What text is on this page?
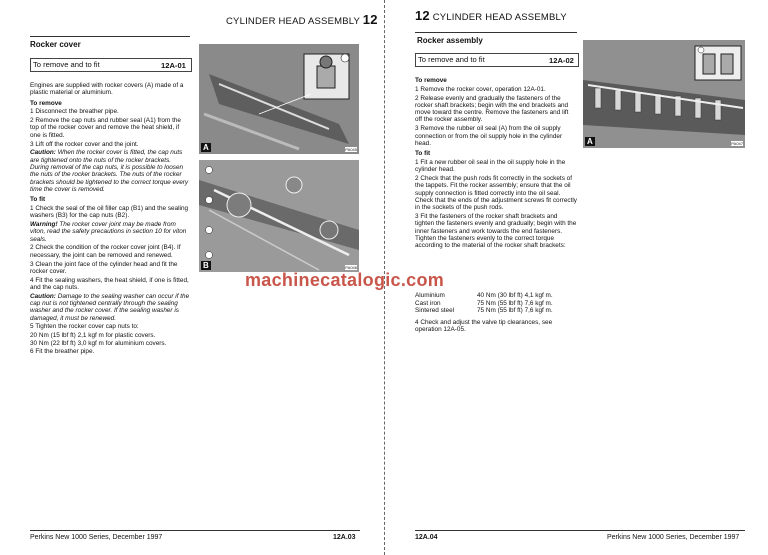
CYLINDER HEAD ASSEMBLY 12
Rocker cover
To remove and to fit	12A-01

Engines are supplied with rocker covers (A) made of a plastic material or aluminium.

To remove

1 Disconnect the breather pipe.

2 Remove the cap nuts and rubber seal (A1) from the top of the rocker cover and remove the heat shield, if one is fitted.

3 Lift off the rocker cover and the joint.

Caution: When the rocker cover is fitted, the cap nuts are tightened onto the nuts of the rocker brackets. During removal of the cap nuts, it is possible to loosen the nuts of the rocker brackets. The nuts of the rocker brackets should be tightened to the correct torque every time the cover is removed.

To fit

1 Check the seal of the oil filler cap (B1) and the sealing washers (B3) for the cap nuts (B2).

Warning! The rocker cover joint may be made from viton, read the safety precautions in section 10 for viton seals.

2 Check the condition of the rocker cover joint (B4). If necessary, the joint can be removed and renewed.

3 Clean the joint face of the cylinder head and fit the rocker cover.

4 Fit the sealing washers, the heat shield, if one is fitted, and the cap nuts.

Caution: Damage to the sealing washer can occur if the cap nut is not tightened centrally through the sealing washer and the rocker cover. If the sealing washer is damaged, it must be renewed.

5 Tighten the rocker cover cap nuts to:

20 Nm (15 lbf ft) 2,1 kgf m for plastic covers.

30 Nm (22 lbf ft) 3,0 kgf m for aluminium covers.

6 Fit the breather pipe.

A	PA045
B	PA046
Perkins New 1000 Series, December 1997	12A.03
12 CYLINDER HEAD ASSEMBLY
Rocker assembly
To remove and to fit	12A-02

To remove

1 Remove the rocker cover, operation 12A-01.

2 Release evenly and gradually the fasteners of the rocker shaft brackets; begin with the end brackets and move toward the centre. Remove the fasteners and lift off the rocker assembly.

3 Remove the rubber oil seal (A) from the oil supply connection or from the oil supply hole in the cylinder head.

To fit

1 Fit a new rubber oil seal in the oil supply hole in the cylinder head.

2 Check that the push rods fit correctly in the sockets of the tappets. Fit the rocker assembly; ensure that the oil supply connection is fitted correctly into the oil seal. Check that the ends of the adjustment screws fit correctly in the sockets of the push rods.

3 Fit the fasteners of the rocker shaft brackets and tighten the fasteners evenly and gradually; begin with the inner fasteners and work towards the end fasteners. Tighten the fasteners evenly to the correct torque according to the material of the rocker shaft brackets:

Aluminium	40 Nm (30 lbf ft) 4,1 kgf m.
Cast iron	75 Nm (55 lbf ft) 7,6 kgf m.
Sintered steel	75 Nm (55 lbf ft) 7,6 kgf m.

4 Check and adjust the valve tip clearances, see operation 12A-05.

A	PA047
12A.04	Perkins New 1000 Series, December 1997
machinecatalogic.com
